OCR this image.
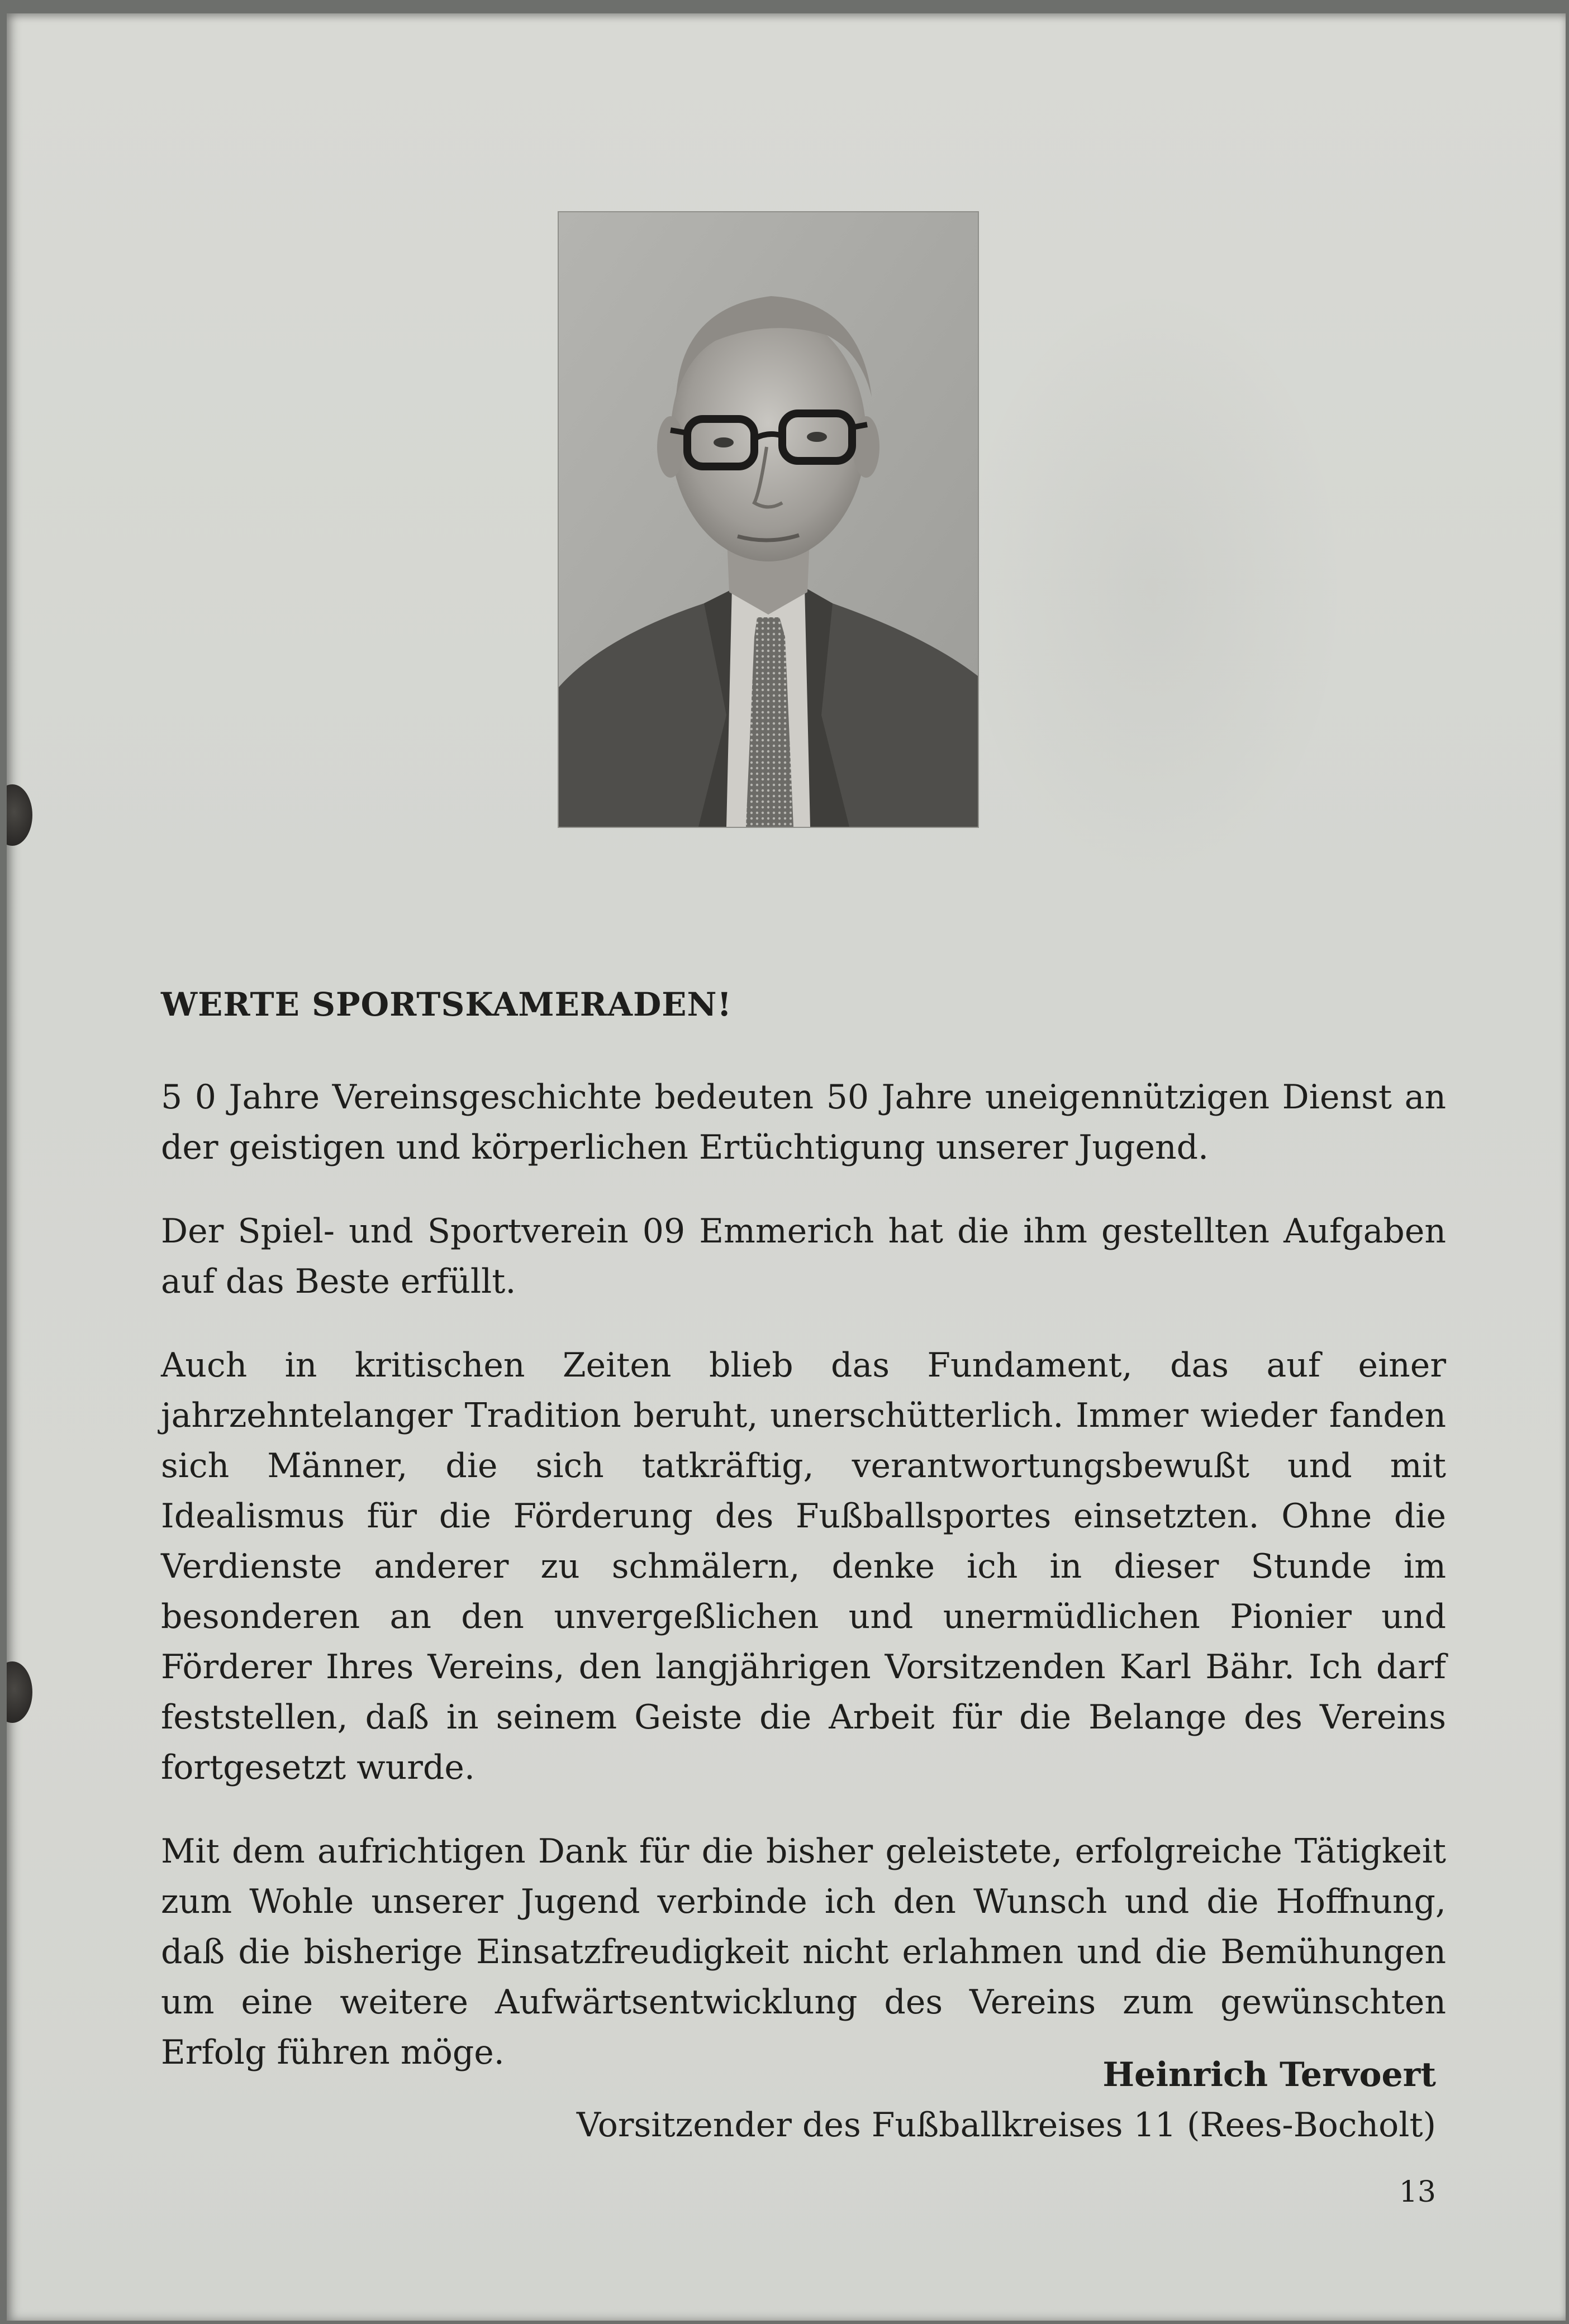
WERTE SPORTSKAMERADEN!

5 0 Jahre Vereinsgeschichte bedeuten 50 Jahre uneigennützigen Dienst an der geistigen und körperlichen Ertüchtigung unserer Jugend.

Der Spiel- und Sportverein 09 Emmerich hat die ihm gestellten Aufgaben auf das Beste erfüllt.

Auch in kritischen Zeiten blieb das Fundament, das auf einer jahrzehntelanger Tradition beruht, unerschütterlich. Immer wieder fanden sich Männer, die sich tatkräftig, verantwortungsbewußt und mit Idealismus für die Förderung des Fußballsportes einsetzten. Ohne die Verdienste anderer zu schmälern, denke ich in dieser Stunde im besonderen an den unvergeßlichen und unermüdlichen Pionier und Förderer Ihres Vereins, den langjährigen Vorsitzenden Karl Bähr. Ich darf feststellen, daß in seinem Geiste die Arbeit für die Belange des Vereins fortgesetzt wurde.

Mit dem aufrichtigen Dank für die bisher geleistete, erfolgreiche Tätigkeit zum Wohle unserer Jugend verbinde ich den Wunsch und die Hoffnung, daß die bisherige Einsatzfreudigkeit nicht erlahmen und die Bemühungen um eine weitere Aufwärtsentwicklung des Vereins zum gewünschten Erfolg führen möge.

Heinrich Tervoert

Vorsitzender des Fußballkreises 11 (Rees-Bocholt)

13
